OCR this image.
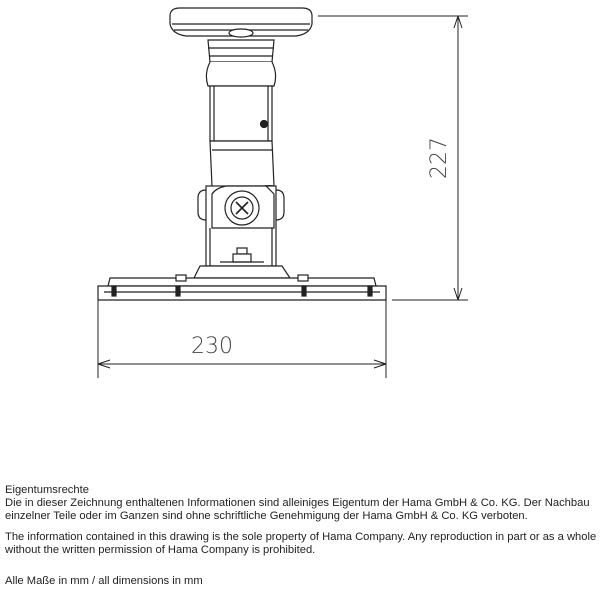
227
230

Eigentumsrechte

Die in dieser Zeichnung enthaltenen Informationen sind alleiniges Eigentum der Hama GmbH & Co. KG. Der Nachbau einzelner Teile oder im Ganzen sind ohne schriftliche Genehmigung der Hama GmbH & Co. KG verboten.

The information contained in this drawing is the sole property of Hama Company. Any reproduction in part or as a whole without the written permission of Hama Company is prohibited.

Alle Maße in mm / all dimensions in mm
